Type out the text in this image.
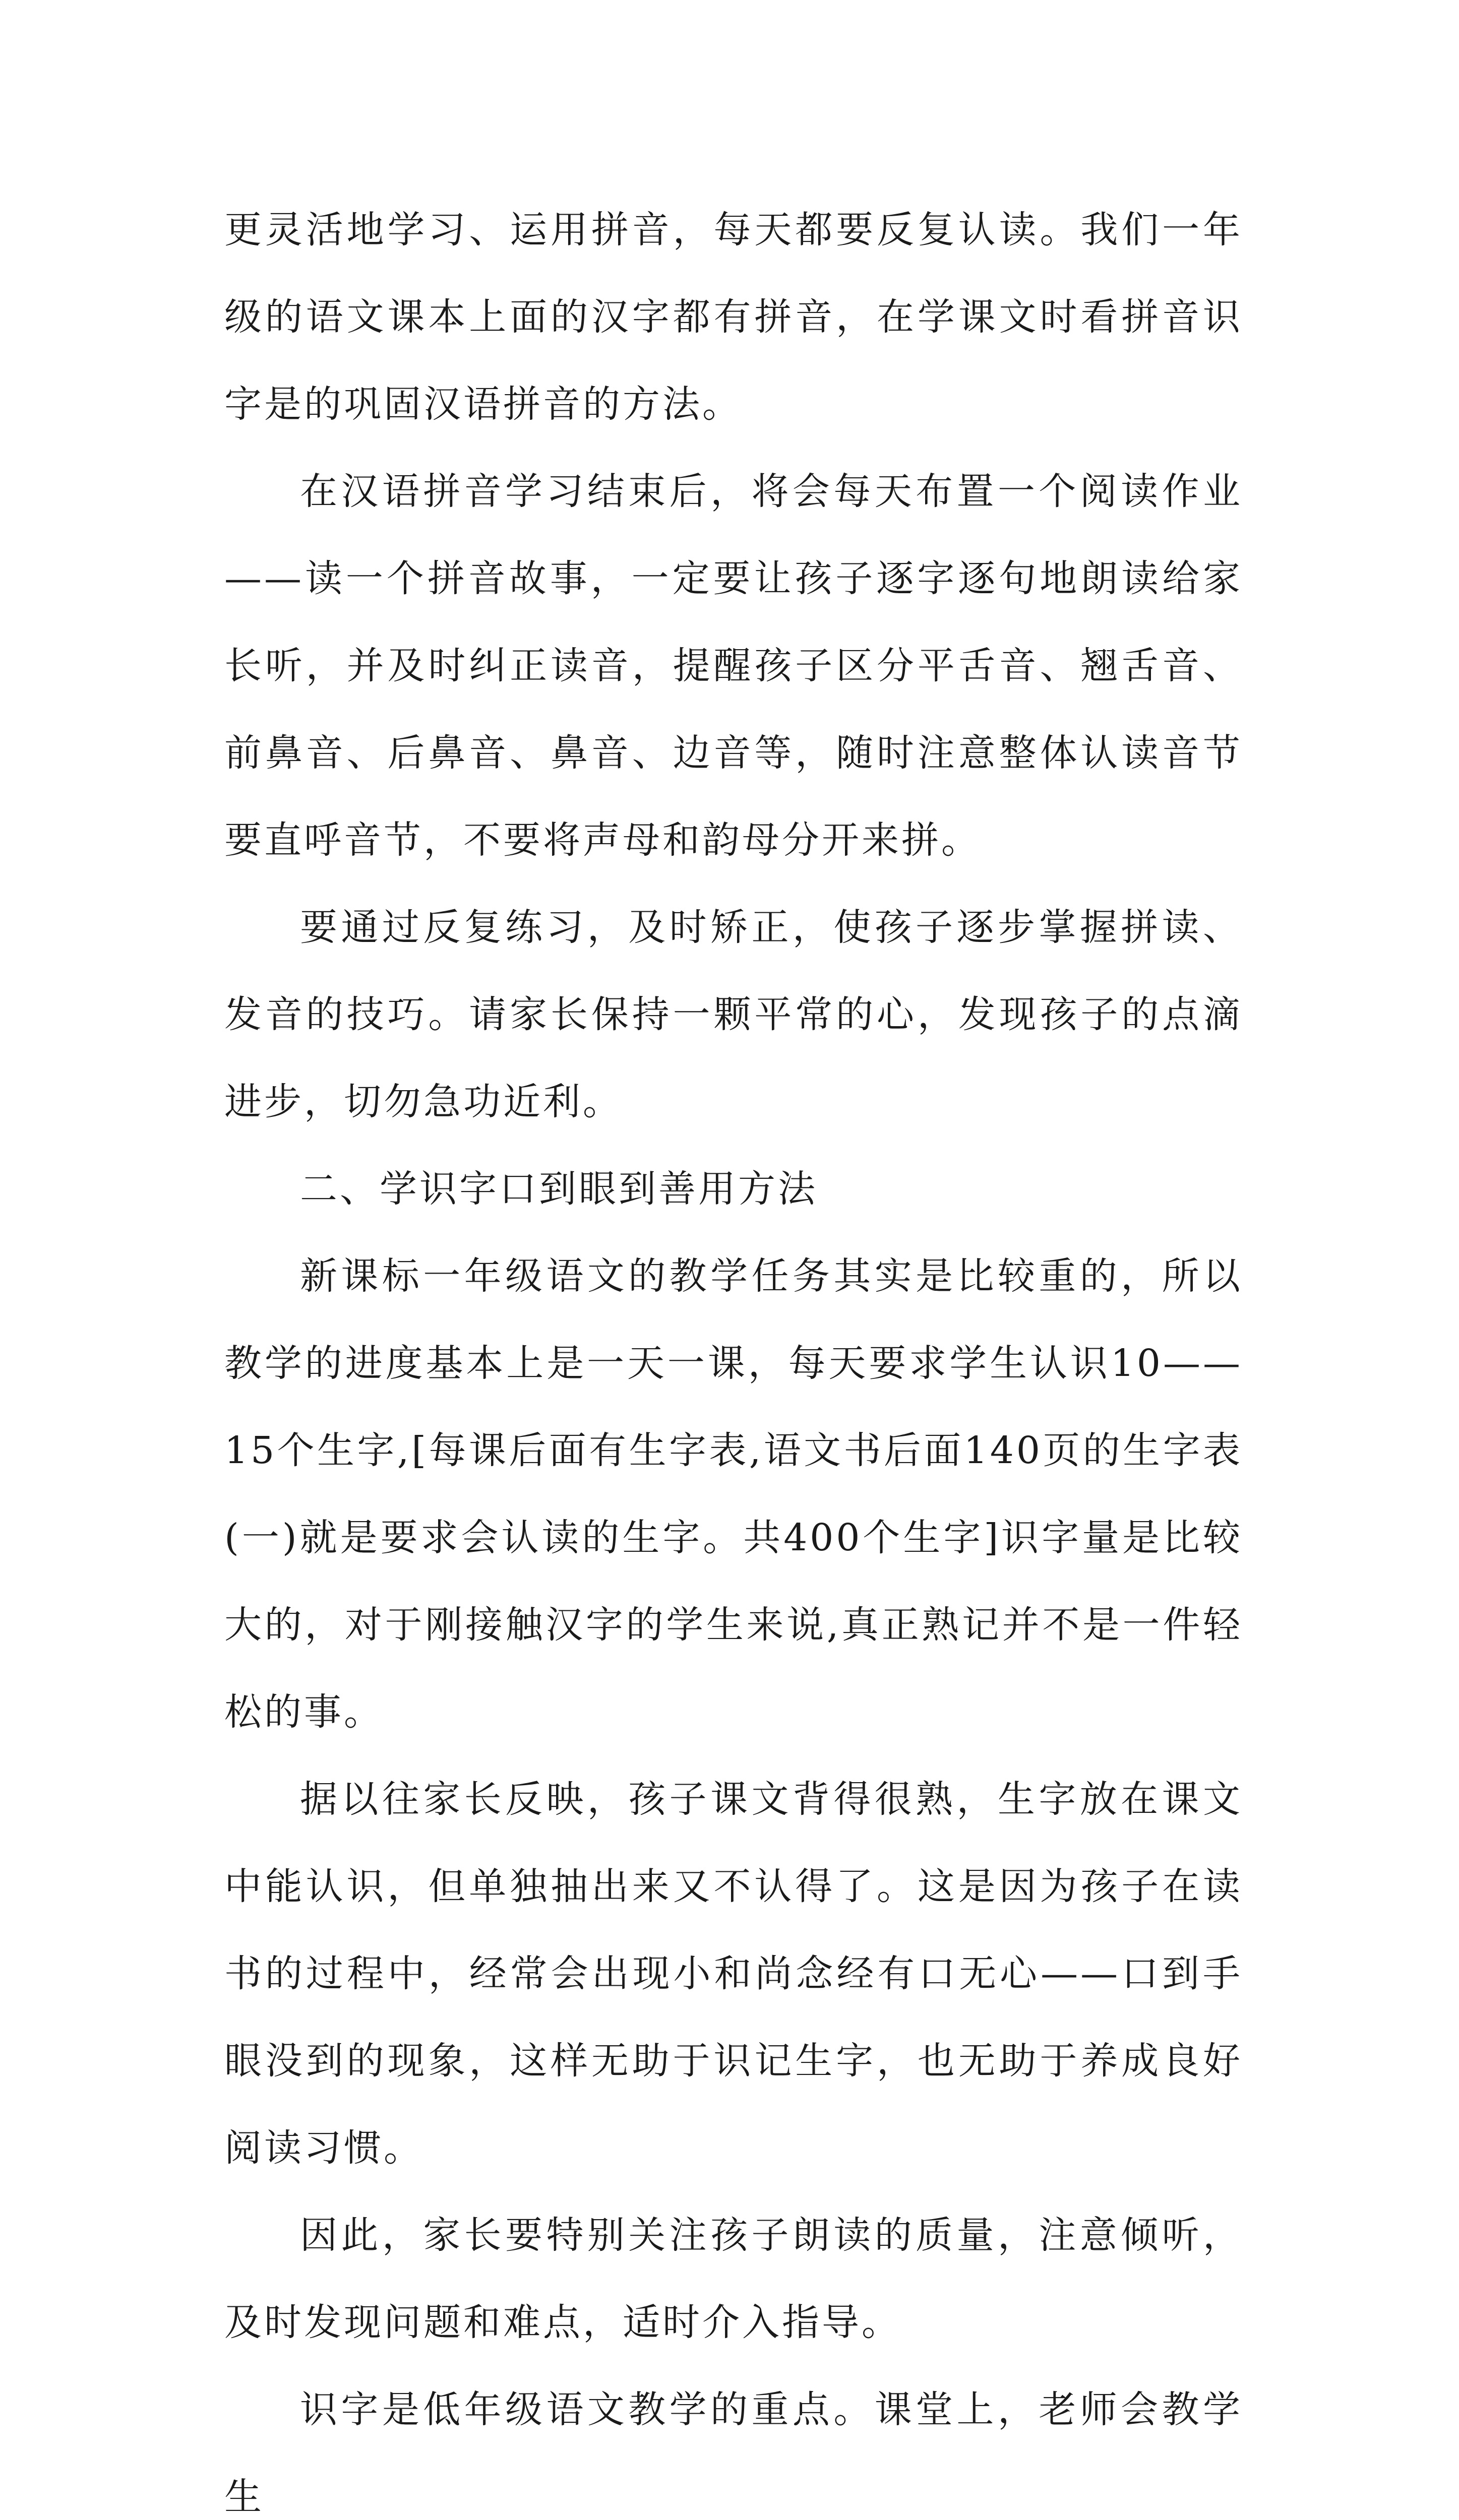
更灵活地学习、运用拼音，每天都要反复认读。我们一年级的语文课本上面的汉字都有拼音，在学课文时看拼音识字是的巩固汉语拼音的方法。

在汉语拼音学习结束后，将会每天布置一个阅读作业——读一个拼音故事，一定要让孩子逐字逐句地朗读给家长听，并及时纠正读音，提醒孩子区分平舌音、翘舌音、前鼻音、后鼻音、鼻音、边音等，随时注意整体认读音节要直呼音节，不要将声母和韵母分开来拼。

要通过反复练习，及时矫正，使孩子逐步掌握拼读、发音的技巧。请家长保持一颗平常的心，发现孩子的点滴进步，切勿急功近利。

二、学识字口到眼到善用方法

新课标一年级语文的教学任务其实是比较重的，所以教学的进度基本上是一天一课，每天要求学生认识10——15个生字,[每课后面有生字表,语文书后面140页的生字表(一)就是要求会认读的生字。共400个生字]识字量是比较大的，对于刚接触汉字的学生来说,真正熟记并不是一件轻松的事。

据以往家长反映，孩子课文背得很熟，生字放在课文中能认识，但单独抽出来又不认得了。这是因为孩子在读书的过程中，经常会出现小和尚念经有口无心——口到手眼没到的现象，这样无助于识记生字，也无助于养成良好阅读习惯。

因此，家长要特别关注孩子朗读的质量，注意倾听，及时发现问题和难点，适时介入指导。

识字是低年级语文教学的重点。课堂上，老师会教学生
